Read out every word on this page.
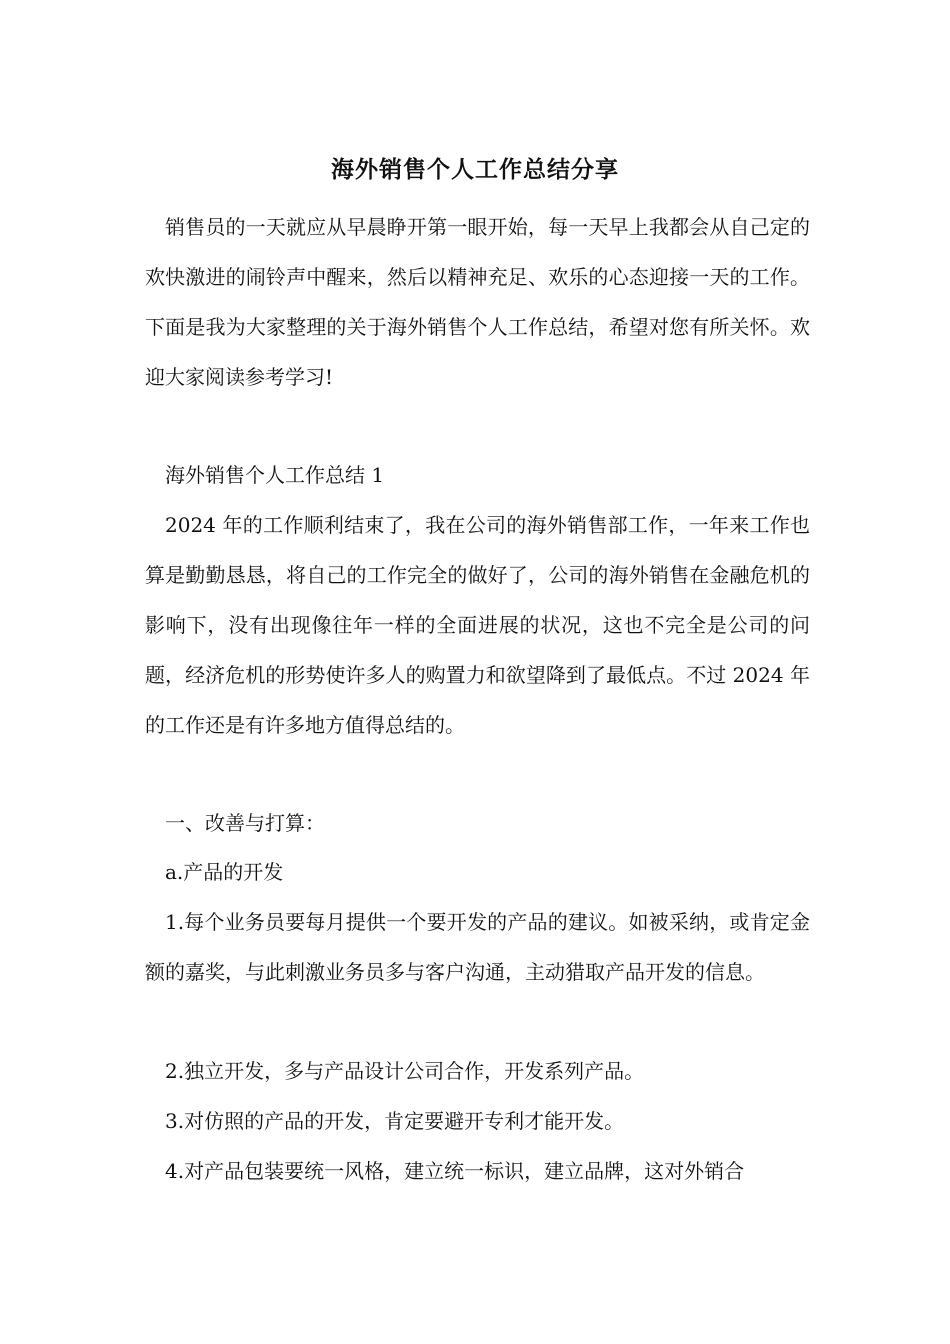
海外销售个人工作总结分享
销售员的一天就应从早晨睁开第一眼开始，每一天早上我都会从自己定的欢快激进的闹铃声中醒来，然后以精神充足、欢乐的心态迎接一天的工作。下面是我为大家整理的关于海外销售个人工作总结，希望对您有所关怀。欢迎大家阅读参考学习!
海外销售个人工作总结 1
2024 年的工作顺利结束了，我在公司的海外销售部工作，一年来工作也算是勤勤恳恳，将自己的工作完全的做好了，公司的海外销售在金融危机的影响下，没有出现像往年一样的全面进展的状况，这也不完全是公司的问题，经济危机的形势使许多人的购置力和欲望降到了最低点。不过 2024 年的工作还是有许多地方值得总结的。
一、改善与打算：
a.产品的开发
1.每个业务员要每月提供一个要开发的产品的建议。如被采纳，或肯定金额的嘉奖，与此刺激业务员多与客户沟通，主动猎取产品开发的信息。
2.独立开发，多与产品设计公司合作，开发系列产品。
3.对仿照的产品的开发，肯定要避开专利才能开发。
4.对产品包装要统一风格，建立统一标识，建立品牌，这对外销合
